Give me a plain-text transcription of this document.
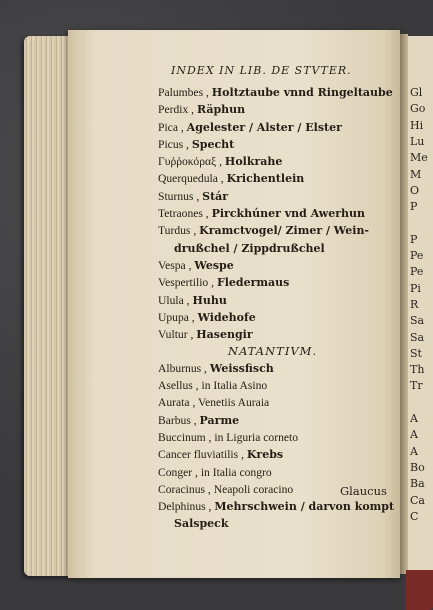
Gl
Go
Hi
Lu
Me
M
O
P
P
Pe
Pe
Pi
R
Sa
Sa
St
Th
Tr
A
A
A
Bo
Ba
Ca
C
INDEX IN LIB. DE STVTER.
Palumbes , Holtztaube vnnd Ringeltaube
Perdix , Räphun
Pica , Agelester / Alster / Elster
Picus , Specht
Γυῤῥοκόραξ , Holkrahe
Querquedula , Krichentlein
Sturnus , Stár
Tetraones , Pirckhúner vnd Awerhun
Turdus , Kramctvogel/ Zimer / Wein-
drußchel / Zippdrußchel
Vespa , Wespe
Vespertilio , Fledermaus
Ulula , Huhu
Upupa , Widehofe
Vultur , Hasengir
NATANTIVM.
Alburnus , Weissfisch
Asellus , in Italia Asino
Aurata , Venetiis Auraia
Barbus , Parme
Buccinum , in Liguria corneto
Cancer fluviatilis , Krebs
Conger , in Italia congro
Coracinus , Neapoli coracino
Delphinus , Mehrschwein / darvon kompt
Salspeck
Glaucus
